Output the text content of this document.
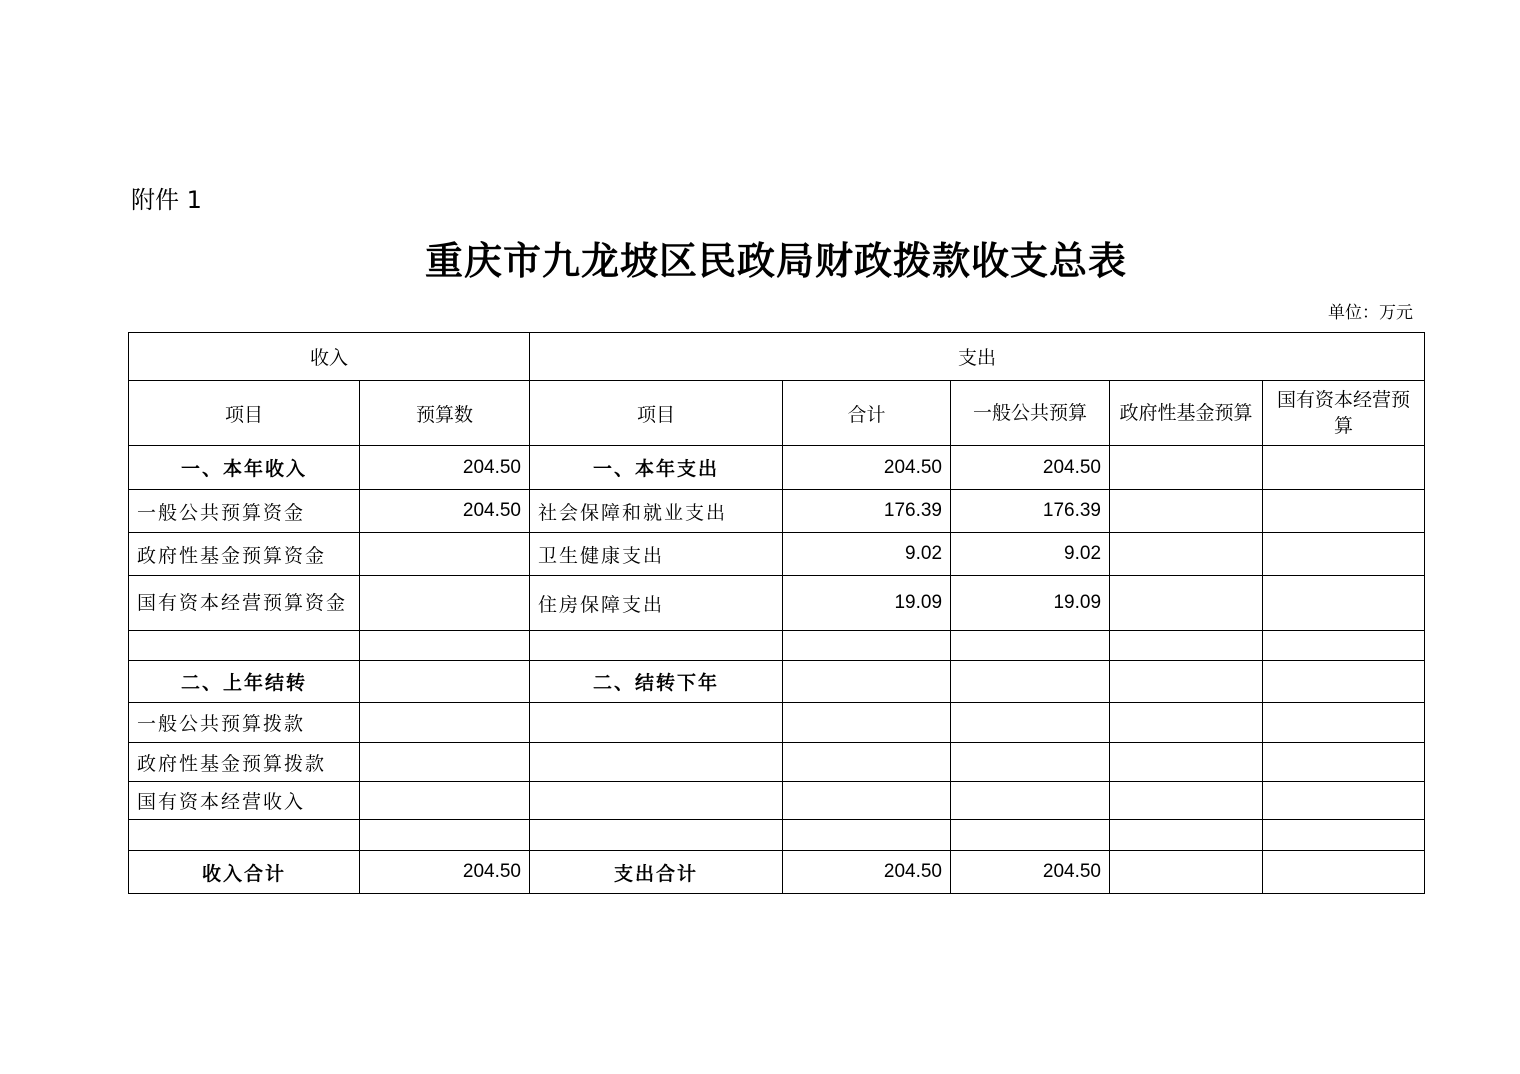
附件 1
重庆市九龙坡区民政局财政拨款收支总表
单位：万元
收入		支出				
项目	预算数	项目	合计	一般公共预算	政府性基金预算	国有资本经营预算
一、本年收入	204.50	一、本年支出	204.50	204.50		
一般公共预算资金	204.50	社会保障和就业支出	176.39	176.39		
政府性基金预算资金		卫生健康支出	9.02	9.02		
国有资本经营预算资金		住房保障支出	19.09	19.09		

二、上年结转		二、结转下年				
一般公共预算拨款						
政府性基金预算拨款						
国有资本经营收入						

收入合计	204.50	支出合计	204.50	204.50		
